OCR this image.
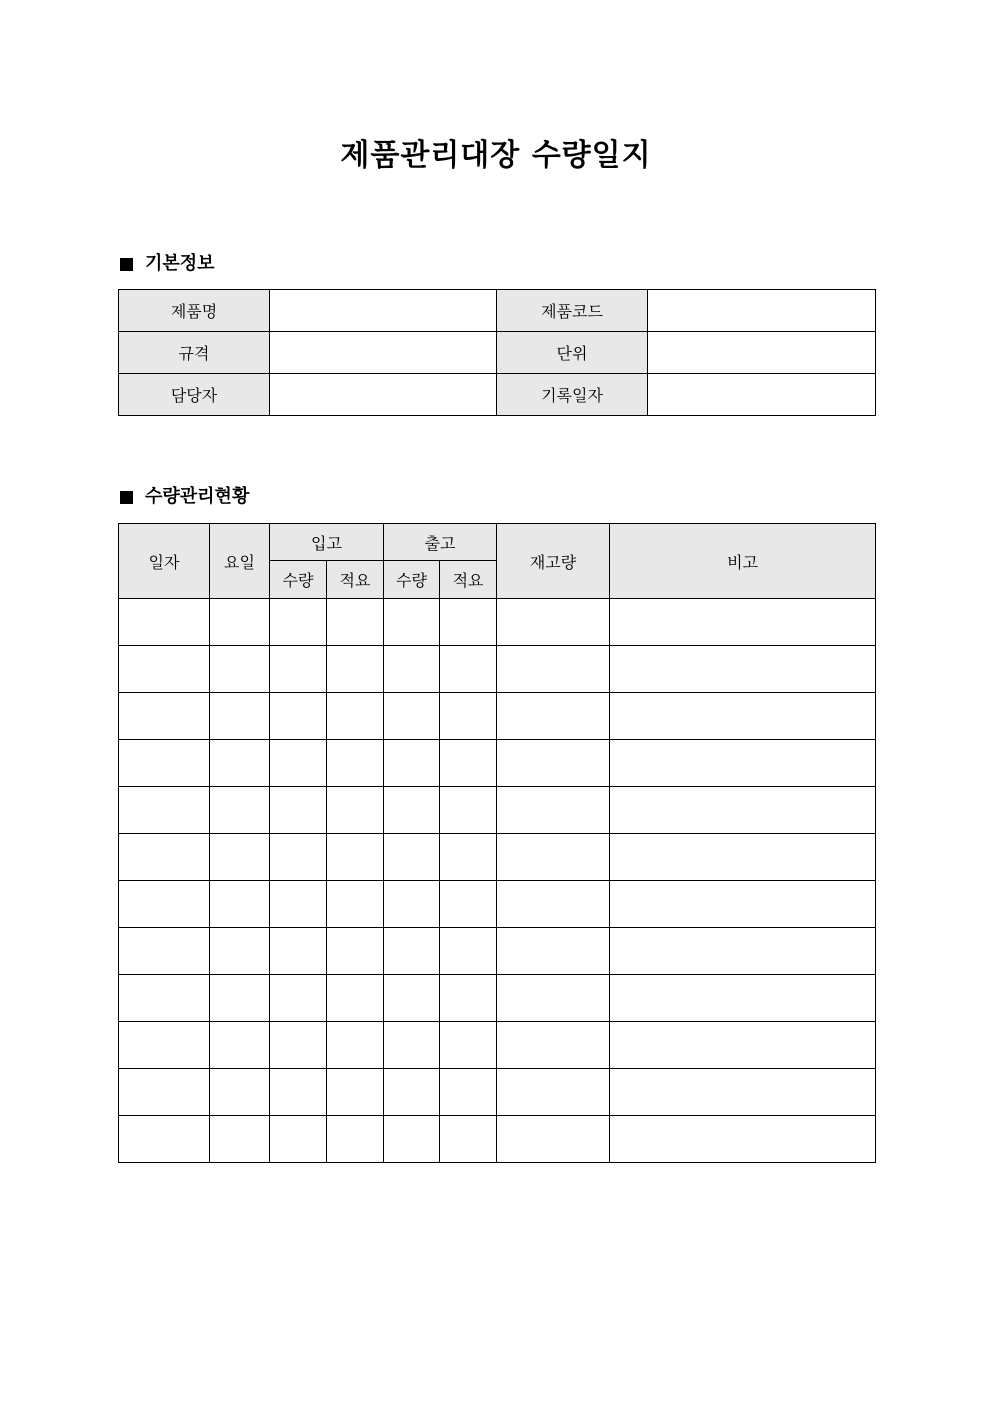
제품관리대장 수량일지
기본정보
제품명		제품코드	
규격		단위	
담당자		기록일자	
수량관리현황
일자	요일	입고		출고		재고량	비고
		수량	적요	수량	적요		
